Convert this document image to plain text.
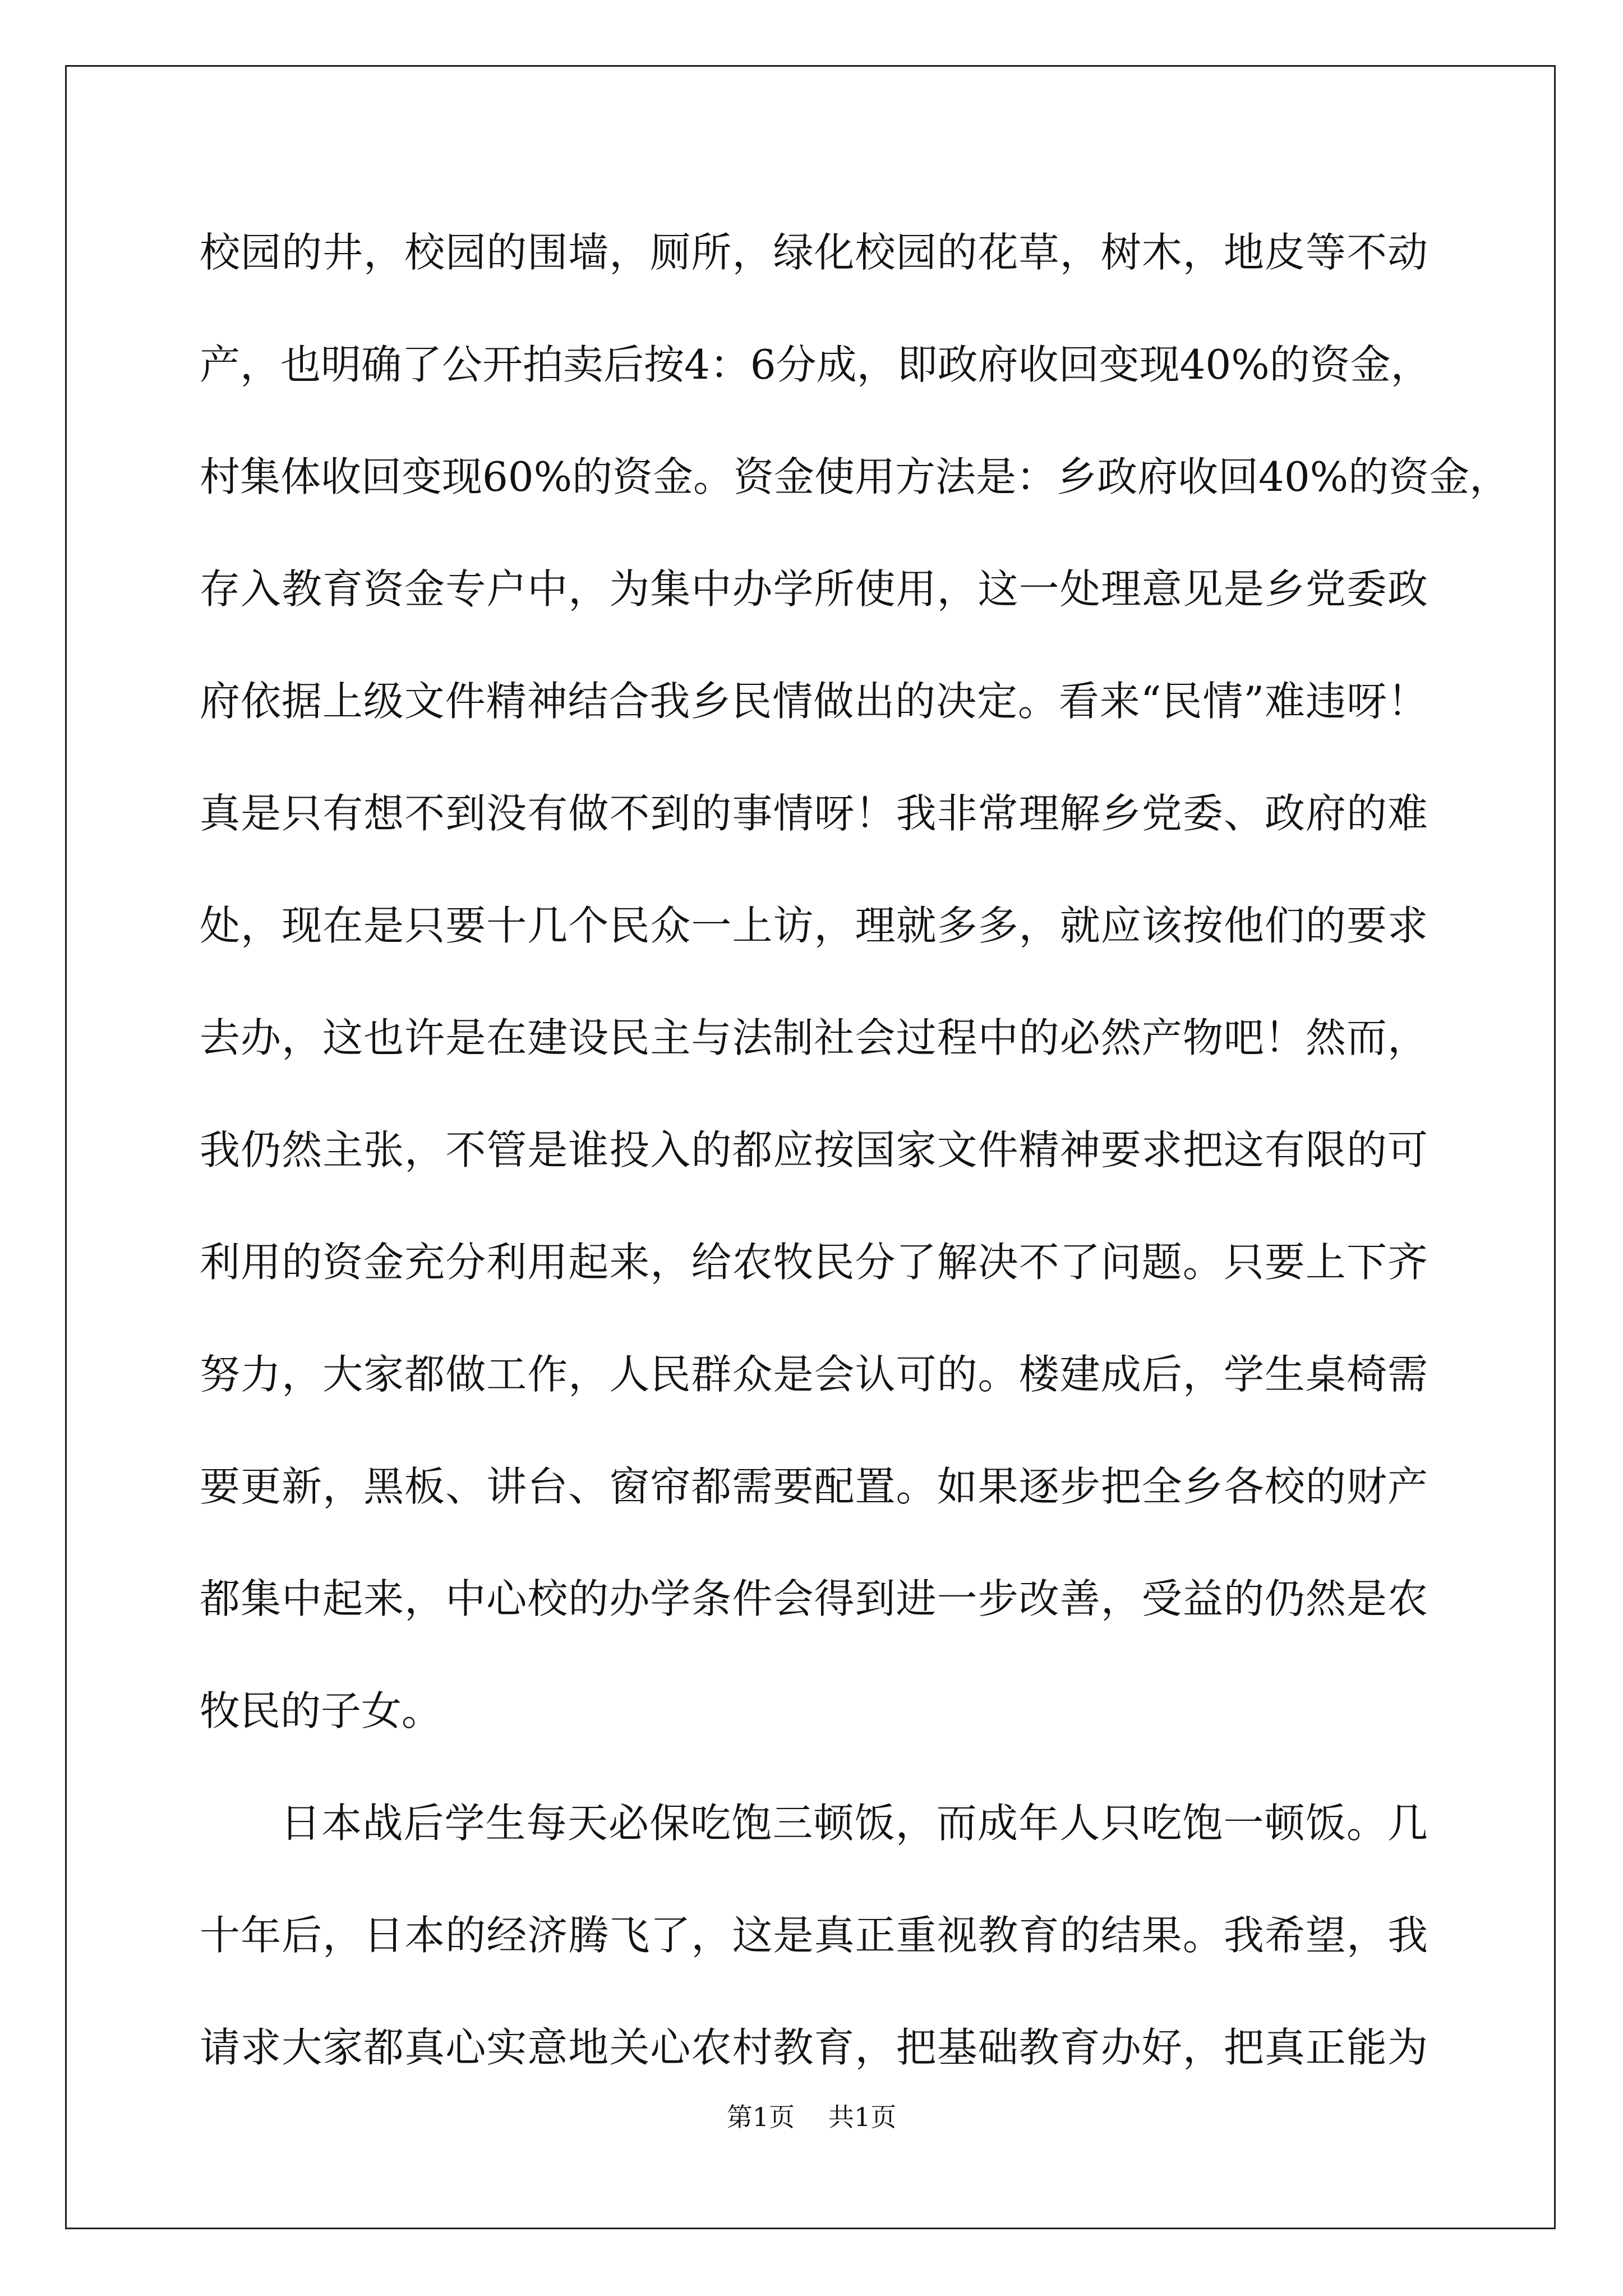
校园的井，校园的围墙，厕所，绿化校园的花草，树木，地皮等不动
产，也明确了公开拍卖后按4：6分成，即政府收回变现40%的资金，
村集体收回变现60%的资金。资金使用方法是：乡政府收回40%的资金，
存入教育资金专户中，为集中办学所使用，这一处理意见是乡党委政
府依据上级文件精神结合我乡民情做出的决定。看来“民情”难违呀！
真是只有想不到没有做不到的事情呀！我非常理解乡党委、政府的难
处，现在是只要十几个民众一上访，理就多多，就应该按他们的要求
去办，这也许是在建设民主与法制社会过程中的必然产物吧！然而，
我仍然主张，不管是谁投入的都应按国家文件精神要求把这有限的可
利用的资金充分利用起来，给农牧民分了解决不了问题。只要上下齐
努力，大家都做工作，人民群众是会认可的。楼建成后，学生桌椅需
要更新，黑板、讲台、窗帘都需要配置。如果逐步把全乡各校的财产
都集中起来，中心校的办学条件会得到进一步改善，受益的仍然是农
牧民的子女。
日本战后学生每天必保吃饱三顿饭，而成年人只吃饱一顿饭。几
十年后，日本的经济腾飞了，这是真正重视教育的结果。我希望，我
请求大家都真心实意地关心农村教育，把基础教育办好，把真正能为
第1页 共1页
